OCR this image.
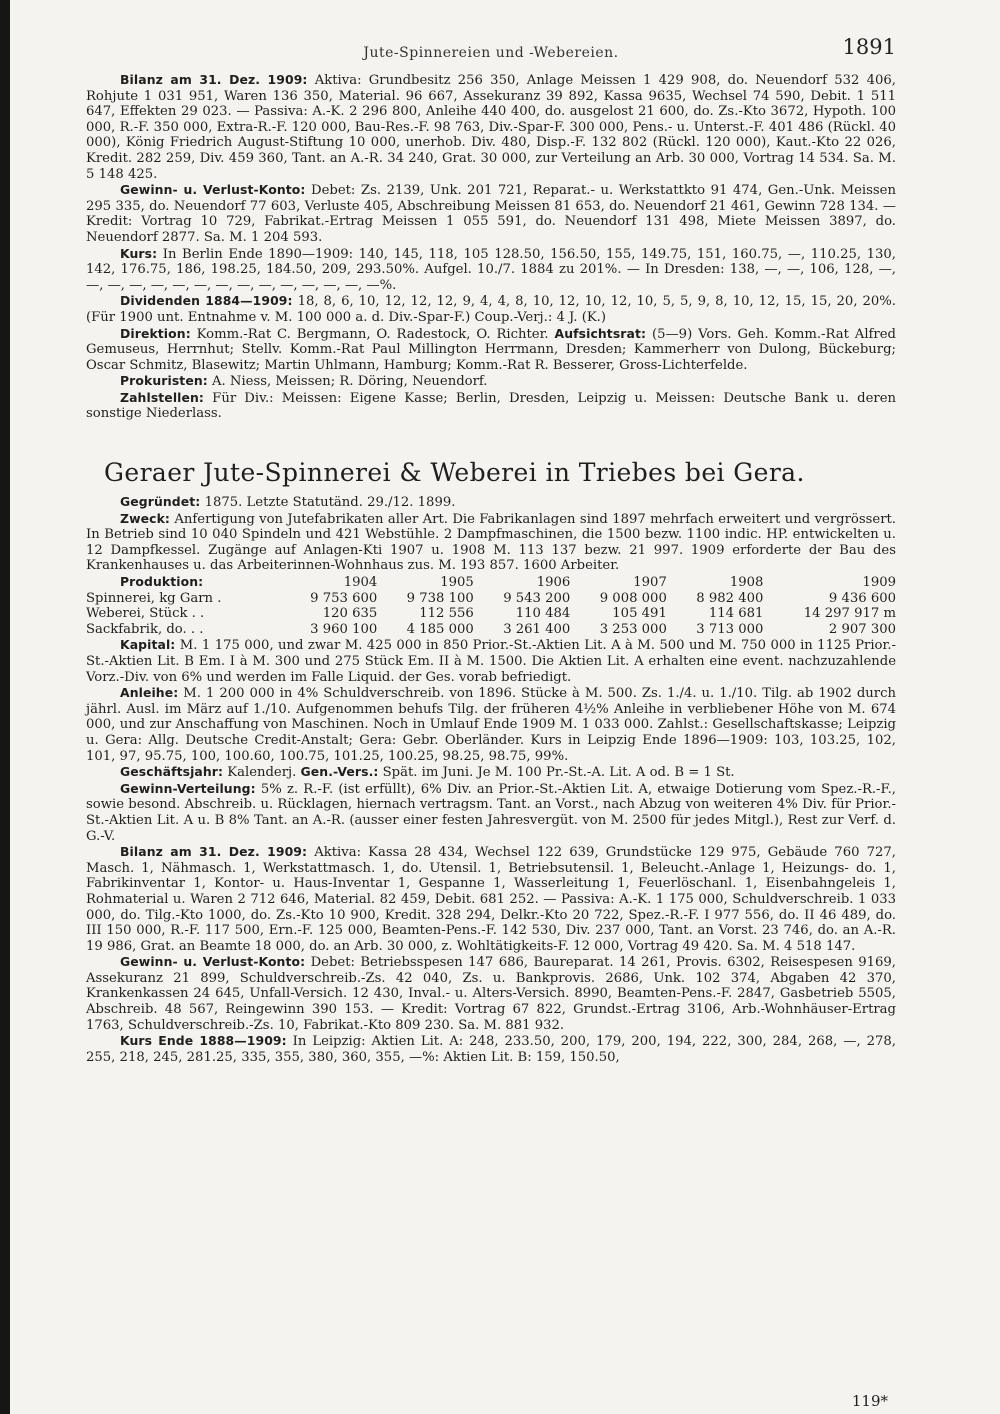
Jute-Spinnereien und -Webereien.	1891

Bilanz am 31. Dez. 1909: Aktiva: Grundbesitz 256 350, Anlage Meissen 1 429 908, do. Neuendorf 532 406, Rohjute 1 031 951, Waren 136 350, Material. 96 667, Assekuranz 39 892, Kassa 9635, Wechsel 74 590, Debit. 1 511 647, Effekten 29 023. — Passiva: A.-K. 2 296 800, Anleihe 440 400, do. ausgelost 21 600, do. Zs.-Kto 3672, Hypoth. 100 000, R.-F. 350 000, Extra-R.-F. 120 000, Bau-Res.-F. 98 763, Div.-Spar-F. 300 000, Pens.- u. Unterst.-F. 401 486 (Rückl. 40 000), König Friedrich August-Stiftung 10 000, unerhob. Div. 480, Disp.-F. 132 802 (Rückl. 120 000), Kaut.-Kto 22 026, Kredit. 282 259, Div. 459 360, Tant. an A.-R. 34 240, Grat. 30 000, zur Verteilung an Arb. 30 000, Vortrag 14 534. Sa. M. 5 148 425.

Gewinn- u. Verlust-Konto: Debet: Zs. 2139, Unk. 201 721, Reparat.- u. Werkstattkto 91 474, Gen.-Unk. Meissen 295 335, do. Neuendorf 77 603, Verluste 405, Abschreibung Meissen 81 653, do. Neuendorf 21 461, Gewinn 728 134. — Kredit: Vortrag 10 729, Fabrikat.-Ertrag Meissen 1 055 591, do. Neuendorf 131 498, Miete Meissen 3897, do. Neuendorf 2877. Sa. M. 1 204 593.

Kurs: In Berlin Ende 1890—1909: 140, 145, 118, 105 128.50, 156.50, 155, 149.75, 151, 160.75, —, 110.25, 130, 142, 176.75, 186, 198.25, 184.50, 209, 293.50%. Aufgel. 10./7. 1884 zu 201%. — In Dresden: 138, —, —, 106, 128, —, —, —, —, —, —, —, —, —, —, —, —, —, —, —%.

Dividenden 1884—1909: 18, 8, 6, 10, 12, 12, 12, 9, 4, 4, 8, 10, 12, 10, 12, 10, 5, 5, 9, 8, 10, 12, 15, 15, 20, 20%. (Für 1900 unt. Entnahme v. M. 100 000 a. d. Div.-Spar-F.) Coup.-Verj.: 4 J. (K.)

Direktion: Komm.-Rat C. Bergmann, O. Radestock, O. Richter. Aufsichtsrat: (5—9) Vors. Geh. Komm.-Rat Alfred Gemuseus, Herrnhut; Stellv. Komm.-Rat Paul Millington Herrmann, Dresden; Kammerherr von Dulong, Bückeburg; Oscar Schmitz, Blasewitz; Martin Uhlmann, Hamburg; Komm.-Rat R. Besserer, Gross-Lichterfelde.

Prokuristen: A. Niess, Meissen; R. Döring, Neuendorf.

Zahlstellen: Für Div.: Meissen: Eigene Kasse; Berlin, Dresden, Leipzig u. Meissen: Deutsche Bank u. deren sonstige Niederlass.

Geraer Jute-Spinnerei & Weberei in Triebes bei Gera.

Gegründet: 1875. Letzte Statutänd. 29./12. 1899.

Zweck: Anfertigung von Jutefabrikaten aller Art. Die Fabrikanlagen sind 1897 mehrfach erweitert und vergrössert. In Betrieb sind 10 040 Spindeln und 421 Webstühle. 2 Dampfmaschinen, die 1500 bezw. 1100 indic. HP. entwickelten u. 12 Dampfkessel. Zugänge auf Anlagen-Kti 1907 u. 1908 M. 113 137 bezw. 21 997. 1909 erforderte der Bau des Krankenhauses u. das Arbeiterinnen-Wohnhaus zus. M. 193 857. 1600 Arbeiter.

Produktion:	1904	1905	1906	1907	1908	1909
Spinnerei, kg Garn .	9 753 600	9 738 100	9 543 200	9 008 000	8 982 400	9 436 600
Weberei, Stück . .	120 635	112 556	110 484	105 491	114 681	14 297 917 m
Sackfabrik, do. . .	3 960 100	4 185 000	3 261 400	3 253 000	3 713 000	2 907 300

Kapital: M. 1 175 000, und zwar M. 425 000 in 850 Prior.-St.-Aktien Lit. A à M. 500 und M. 750 000 in 1125 Prior.-St.-Aktien Lit. B Em. I à M. 300 und 275 Stück Em. II à M. 1500. Die Aktien Lit. A erhalten eine event. nachzuzahlende Vorz.-Div. von 6% und werden im Falle Liquid. der Ges. vorab befriedigt.

Anleihe: M. 1 200 000 in 4% Schuldverschreib. von 1896. Stücke à M. 500. Zs. 1./4. u. 1./10. Tilg. ab 1902 durch jährl. Ausl. im März auf 1./10. Aufgenommen behufs Tilg. der früheren 4½% Anleihe in verbliebener Höhe von M. 674 000, und zur Anschaffung von Maschinen. Noch in Umlauf Ende 1909 M. 1 033 000. Zahlst.: Gesellschaftskasse; Leipzig u. Gera: Allg. Deutsche Credit-Anstalt; Gera: Gebr. Oberländer. Kurs in Leipzig Ende 1896—1909: 103, 103.25, 102, 101, 97, 95.75, 100, 100.60, 100.75, 101.25, 100.25, 98.25, 98.75, 99%.

Geschäftsjahr: Kalenderj. Gen.-Vers.: Spät. im Juni. Je M. 100 Pr.-St.-A. Lit. A od. B = 1 St.

Gewinn-Verteilung: 5% z. R.-F. (ist erfüllt), 6% Div. an Prior.-St.-Aktien Lit. A, etwaige Dotierung vom Spez.-R.-F., sowie besond. Abschreib. u. Rücklagen, hiernach vertragsm. Tant. an Vorst., nach Abzug von weiteren 4% Div. für Prior.-St.-Aktien Lit. A u. B 8% Tant. an A.-R. (ausser einer festen Jahresvergüt. von M. 2500 für jedes Mitgl.), Rest zur Verf. d. G.-V.

Bilanz am 31. Dez. 1909: Aktiva: Kassa 28 434, Wechsel 122 639, Grundstücke 129 975, Gebäude 760 727, Masch. 1, Nähmasch. 1, Werkstattmasch. 1, do. Utensil. 1, Betriebsutensil. 1, Beleucht.-Anlage 1, Heizungs- do. 1, Fabrikinventar 1, Kontor- u. Haus-Inventar 1, Gespanne 1, Wasserleitung 1, Feuerlöschanl. 1, Eisenbahngeleis 1, Rohmaterial u. Waren 2 712 646, Material. 82 459, Debit. 681 252. — Passiva: A.-K. 1 175 000, Schuldverschreib. 1 033 000, do. Tilg.-Kto 1000, do. Zs.-Kto 10 900, Kredit. 328 294, Delkr.-Kto 20 722, Spez.-R.-F. I 977 556, do. II 46 489, do. III 150 000, R.-F. 117 500, Ern.-F. 125 000, Beamten-Pens.-F. 142 530, Div. 237 000, Tant. an Vorst. 23 746, do. an A.-R. 19 986, Grat. an Beamte 18 000, do. an Arb. 30 000, z. Wohltätigkeits-F. 12 000, Vortrag 49 420. Sa. M. 4 518 147.

Gewinn- u. Verlust-Konto: Debet: Betriebsspesen 147 686, Baureparat. 14 261, Provis. 6302, Reisespesen 9169, Assekuranz 21 899, Schuldverschreib.-Zs. 42 040, Zs. u. Bankprovis. 2686, Unk. 102 374, Abgaben 42 370, Krankenkassen 24 645, Unfall-Versich. 12 430, Inval.- u. Alters-Versich. 8990, Beamten-Pens.-F. 2847, Gasbetrieb 5505, Abschreib. 48 567, Reingewinn 390 153. — Kredit: Vortrag 67 822, Grundst.-Ertrag 3106, Arb.-Wohnhäuser-Ertrag 1763, Schuldverschreib.-Zs. 10, Fabrikat.-Kto 809 230. Sa. M. 881 932.

Kurs Ende 1888—1909: In Leipzig: Aktien Lit. A: 248, 233.50, 200, 179, 200, 194, 222, 300, 284, 268, —, 278, 255, 218, 245, 281.25, 335, 355, 380, 360, 355, —%: Aktien Lit. B: 159, 150.50,

119*
